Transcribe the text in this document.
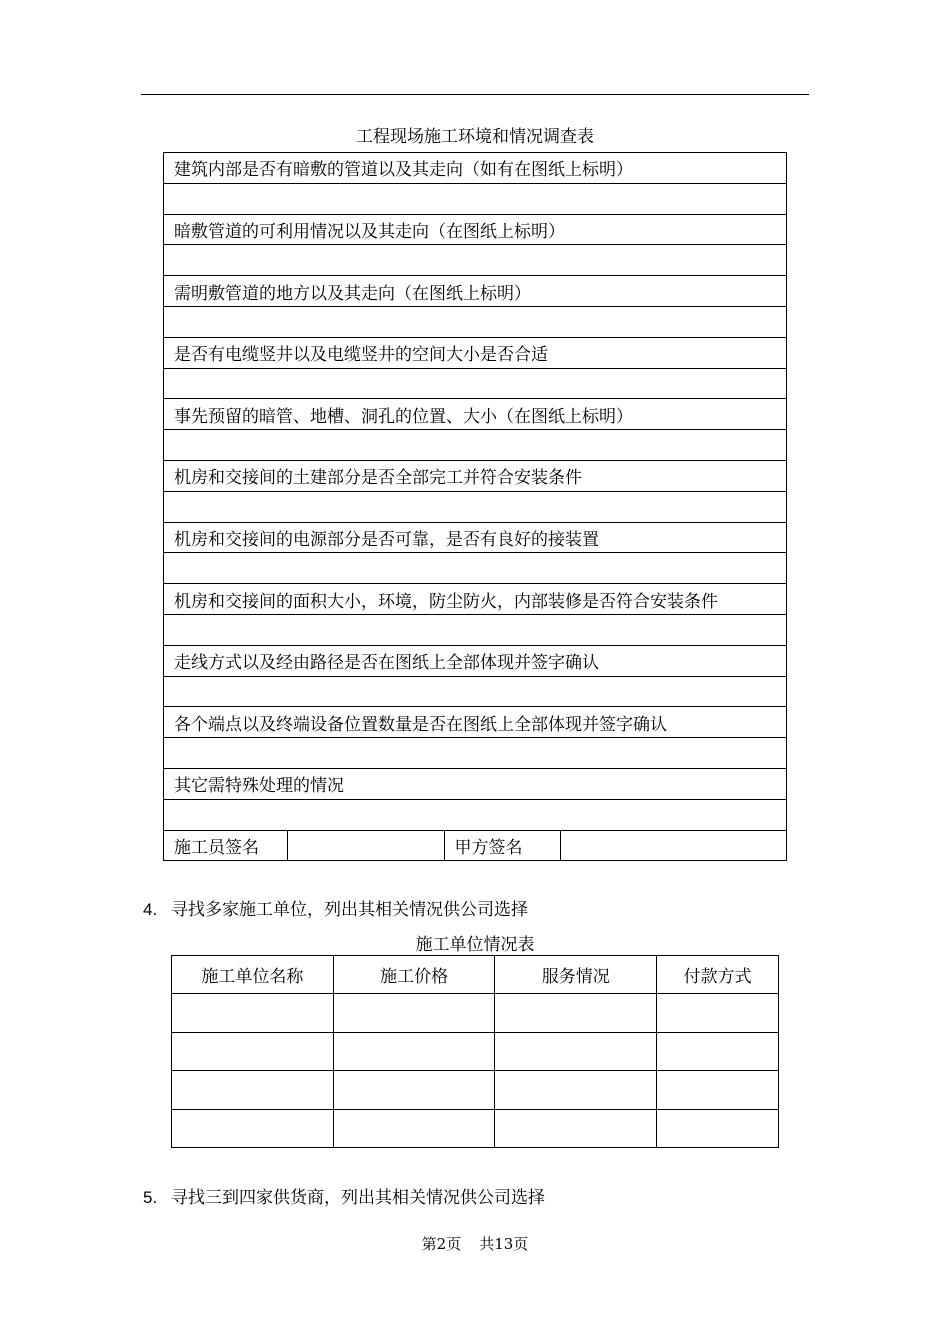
工程现场施工环境和情况调查表
建筑内部是否有暗敷的管道以及其走向（如有在图纸上标明）

暗敷管道的可利用情况以及其走向（在图纸上标明）

需明敷管道的地方以及其走向（在图纸上标明）

是否有电缆竖井以及电缆竖井的空间大小是否合适

事先预留的暗管、地槽、洞孔的位置、大小（在图纸上标明）

机房和交接间的土建部分是否全部完工并符合安装条件

机房和交接间的电源部分是否可靠，是否有良好的接装置

机房和交接间的面积大小，环境，防尘防火，内部装修是否符合安装条件

走线方式以及经由路径是否在图纸上全部体现并签字确认

各个端点以及终端设备位置数量是否在图纸上全部体现并签字确认

其它需特殊处理的情况

施工员签名		甲方签名	
4. 寻找多家施工单位，列出其相关情况供公司选择
施工单位情况表
施工单位名称	施工价格	服务情况	付款方式

5. 寻找三到四家供货商，列出其相关情况供公司选择
第2页 共13页
